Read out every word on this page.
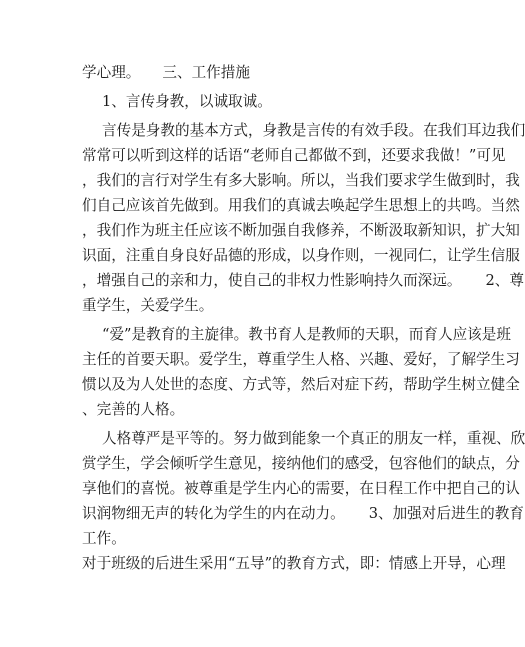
学心理。 三、工作措施
1、言传身教，以诚取诚。
言传是身教的基本方式，身教是言传的有效手段。在我们耳边我们
常常可以听到这样的话语“老师自己都做不到，还要求我做！”可见
，我们的言行对学生有多大影响。所以，当我们要求学生做到时，我
们自己应该首先做到。用我们的真诚去唤起学生思想上的共鸣。当然
，我们作为班主任应该不断加强自我修养，不断汲取新知识，扩大知
识面，注重自身良好品德的形成，以身作则，一视同仁，让学生信服
，增强自己的亲和力，使自己的非权力性影响持久而深远。 2、尊
重学生，关爱学生。
“爱”是教育的主旋律。教书育人是教师的天职，而育人应该是班
主任的首要天职。爱学生，尊重学生人格、兴趣、爱好，了解学生习
惯以及为人处世的态度、方式等，然后对症下药，帮助学生树立健全
、完善的人格。
人格尊严是平等的。努力做到能象一个真正的朋友一样，重视、欣
赏学生，学会倾听学生意见，接纳他们的感受，包容他们的缺点，分
享他们的喜悦。被尊重是学生内心的需要，在日程工作中把自己的认
识润物细无声的转化为学生的内在动力。 3、加强对后进生的教育
工作。
对于班级的后进生采用“五导”的教育方式，即：情感上开导，心理
